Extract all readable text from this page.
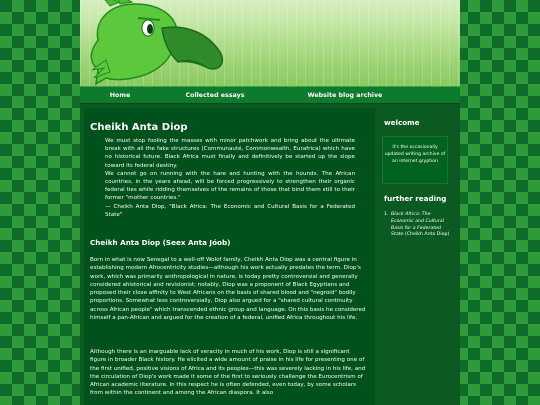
Home	Collected essays	Website blog archive
Cheikh Anta Diop

We must stop fooling the masses with minor patchwork and bring about the ultimate break with all the fake structures (Communauté, Commonwealth, Eurafrica) which have no historical future. Black Africa must finally and definitively be started up the slope toward its federal destiny.

We cannot go on running with the hare and hunting with the hounds. The African countries, in the years ahead, will be forced progressively to strengthen their organic federal ties while ridding themselves of the remains of those that bind them still to their former "mother countries."

— Cheikh Anta Diop, "Black Africa: The Economic and Cultural Basis for a Federated State"

Cheikh Anta Diop (Seex Anta Jóob)

Born in what is now Senegal to a well-off Wolof family, Cheikh Anta Diop was a central figure in establishing modern Afrocentricity studies—although his work actually predates the term. Diop's work, which was primarily anthropological in nature, is today pretty controversial and generally considered ahistorical and revisionist; notably, Diop was a proponent of Black Egyptians and proposed their close affinity to West Africans on the basis of shared blood and "negroid" bodily proportions. Somewhat less controversially, Diop also argued for a "shared cultural continuity across African people" which transcended ethnic group and language. On this basis he considered himself a pan-African and argued for the creation of a federal, unified Africa throughout his life.

Although there is an inarguable lack of veracity in much of his work, Diop is still a significant figure in broader Black history. He elicited a wide amount of praise in his life for presenting one of the first unified, positive visions of Africa and its peoples—this was severely lacking in his life, and the circulation of Diop's work made it some of the first to seriously challenge the Eurocentrism of African academic literature. In this respect he is often defended, even today, by some scholars from within the continent and among the African diaspora. It also

welcome
it's the occasionally updated writing archive of an internet gryphon
further reading
1. Black Africa: The Economic and Cultural Basis for a Federated State (Cheikh Anta Diop)
